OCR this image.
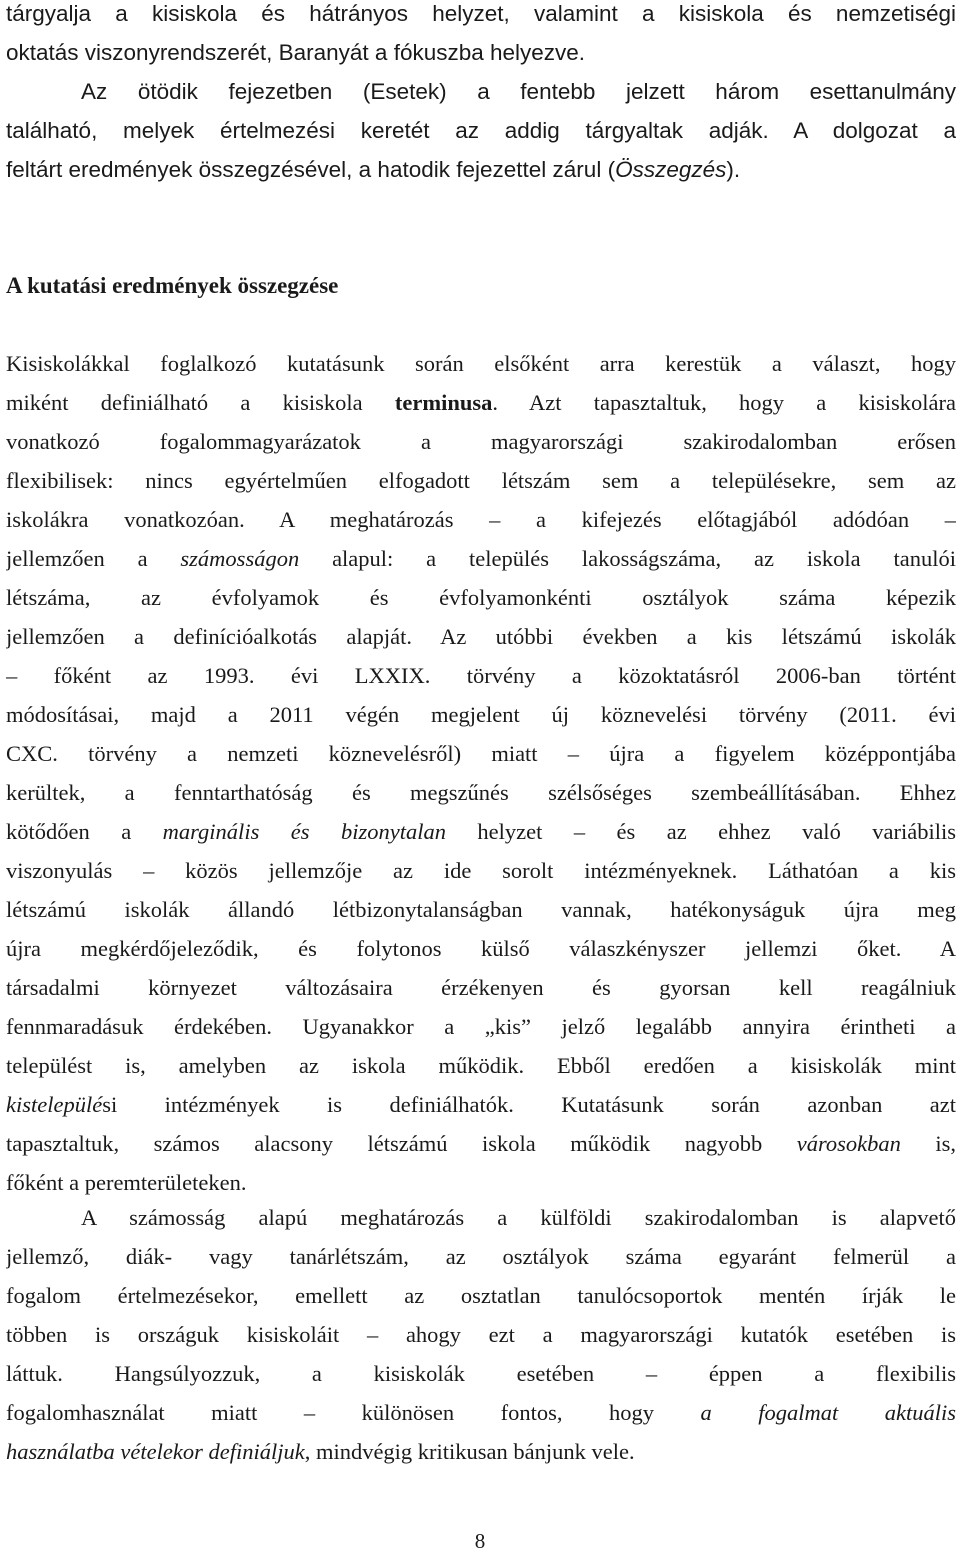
tárgyalja a kisiskola és hátrányos helyzet, valamint a kisiskola és nemzetiségi
oktatás viszonyrendszerét, Baranyát a fókuszba helyezve.
Az ötödik fejezetben (Esetek) a fentebb jelzett három esettanulmány
található, melyek értelmezési keretét az addig tárgyaltak adják. A dolgozat a
feltárt eredmények összegzésével, a hatodik fejezettel zárul (Összegzés).
A kutatási eredmények összegzése
Kisiskolákkal foglalkozó kutatásunk során elsőként arra kerestük a választ, hogy
miként definiálható a kisiskola terminusa. Azt tapasztaltuk, hogy a kisiskolára
vonatkozó fogalommagyarázatok a magyarországi szakirodalomban erősen
flexibilisek: nincs egyértelműen elfogadott létszám sem a településekre, sem az
iskolákra vonatkozóan. A meghatározás – a kifejezés előtagjából adódóan –
jellemzően a számosságon alapul: a település lakosságszáma, az iskola tanulói
létszáma, az évfolyamok és évfolyamonkénti osztályok száma képezik
jellemzően a definícióalkotás alapját. Az utóbbi években a kis létszámú iskolák
– főként az 1993. évi LXXIX. törvény a közoktatásról 2006-ban történt
módosításai, majd a 2011 végén megjelent új köznevelési törvény (2011. évi
CXC. törvény a nemzeti köznevelésről) miatt – újra a figyelem középpontjába
kerültek, a fenntarthatóság és megszűnés szélsőséges szembeállításában. Ehhez
kötődően a marginális és bizonytalan helyzet – és az ehhez való variábilis
viszonyulás – közös jellemzője az ide sorolt intézményeknek. Láthatóan a kis
létszámú iskolák állandó létbizonytalanságban vannak, hatékonyságuk újra meg
újra megkérdőjeleződik, és folytonos külső válaszkényszer jellemzi őket. A
társadalmi környezet változásaira érzékenyen és gyorsan kell reagálniuk
fennmaradásuk érdekében. Ugyanakkor a „kis” jelző legalább annyira érintheti a
települést is, amelyben az iskola működik. Ebből eredően a kisiskolák mint
kistelepülési intézmények is definiálhatók. Kutatásunk során azonban azt
tapasztaltuk, számos alacsony létszámú iskola működik nagyobb városokban is,
főként a peremterületeken.
A számosság alapú meghatározás a külföldi szakirodalomban is alapvető
jellemző, diák- vagy tanárlétszám, az osztályok száma egyaránt felmerül a
fogalom értelmezésekor, emellett az osztatlan tanulócsoportok mentén írják le
többen is országuk kisiskoláit – ahogy ezt a magyarországi kutatók esetében is
láttuk. Hangsúlyozzuk, a kisiskolák esetében – éppen a flexibilis
fogalomhasználat miatt – különösen fontos, hogy a fogalmat aktuális
használatba vételekor definiáljuk, mindvégig kritikusan bánjunk vele.
8
